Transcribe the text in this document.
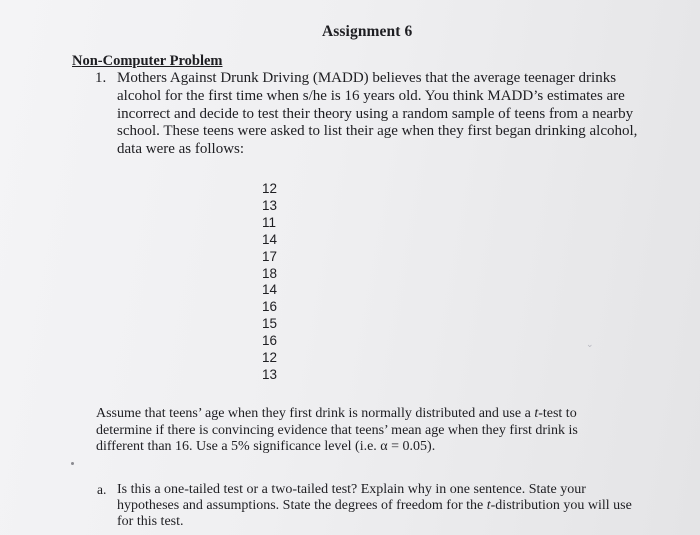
Assignment 6
Non-Computer Problem
1. Mothers Against Drunk Driving (MADD) believes that the average teenager drinks alcohol for the first time when s/he is 16 years old. You think MADD’s estimates are incorrect and decide to test their theory using a random sample of teens from a nearby school. These teens were asked to list their age when they first began drinking alcohol, data were as follows:
12
13
11
14
17
18
14
16
15
16
12
13
⌄
Assume that teens’ age when they first drink is normally distributed and use a t-test to determine if there is convincing evidence that teens’ mean age when they first drink is different than 16. Use a 5% significance level (i.e. α = 0.05).
a. Is this a one-tailed test or a two-tailed test? Explain why in one sentence. State your hypotheses and assumptions. State the degrees of freedom for the t-distribution you will use for this test.
